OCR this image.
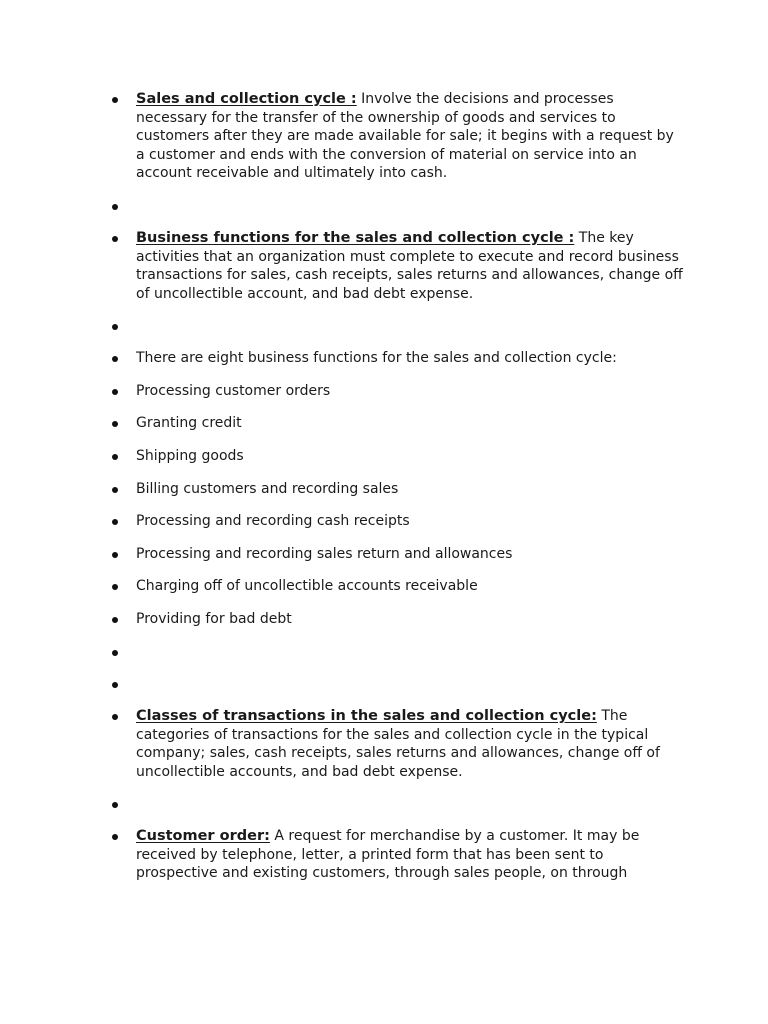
Sales and collection cycle : Involve the decisions and processes necessary for the transfer of the ownership of goods and services to customers after they are made available for sale; it begins with a request by a customer and ends with the conversion of material on service into an account receivable and ultimately into cash.
Business functions for the sales and collection cycle : The key activities that an organization must complete to execute and record business transactions for sales, cash receipts, sales returns and allowances, change off of uncollectible account, and bad debt expense.
There are eight business functions for the sales and collection cycle:
Processing customer orders
Granting credit
Shipping goods
Billing customers and recording sales
Processing and recording cash receipts
Processing and recording sales return and allowances
Charging off of uncollectible accounts receivable
Providing for bad debt
Classes of transactions in the sales and collection cycle: The categories of transactions for the sales and collection cycle in the typical company; sales, cash receipts, sales returns and allowances, change off of uncollectible accounts, and bad debt expense.
Customer order: A request for merchandise by a customer. It may be received by telephone, letter, a printed form that has been sent to prospective and existing customers, through sales people, on through
